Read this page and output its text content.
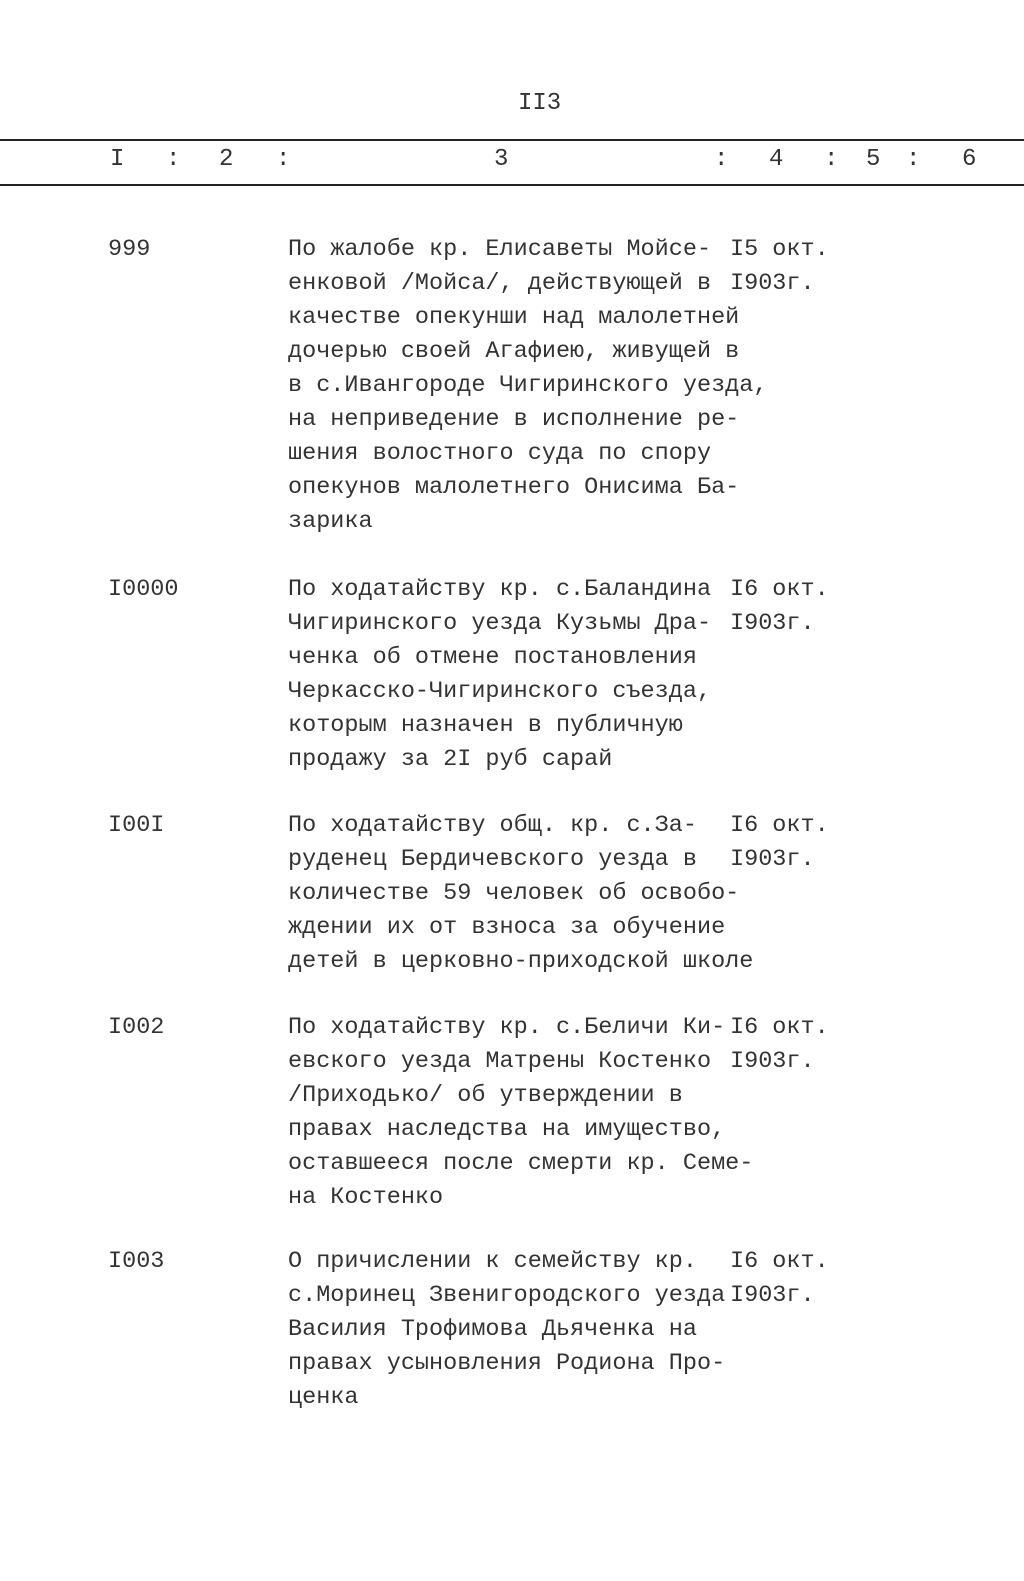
II3
I : 2 :	3	: 4 : 5 : 6
999	По жалобе кр. Елисаветы Мойсе-
енковой /Мойса/, действующей в
качестве опекунши над малолетней
дочерью своей Агафиею, живущей в
в с.Ивангороде Чигиринского уезда,
на неприведение в исполнение ре-
шения волостного суда по спору
опекунов малолетнего Онисима Ба-
зарика
I5 окт.
I903г.
I0000	По ходатайству кр. с.Баландина
Чигиринского уезда Кузьмы Дра-
ченка об отмене постановления
Черкасско-Чигиринского съезда,
которым назначен в публичную
продажу за 2I руб сарай
I6 окт.
I903г.
I00I	По ходатайству общ. кр. с.За-
руденец Бердичевского уезда в
количестве 59 человек об освобо-
ждении их от взноса за обучение
детей в церковно-приходской школе
I6 окт.
I903г.
I002	По ходатайству кр. с.Беличи Ки-
евского уезда Матрены Костенко
/Приходько/ об утверждении в
правах наследства на имущество,
оставшееся после смерти кр. Семе-
на Костенко
I6 окт.
I903г.
I003	О причислении к семейству кр.
с.Моринец Звенигородского уезда
Василия Трофимова Дьяченка на
правах усыновления Родиона Про-
ценка
I6 окт.
I903г.
